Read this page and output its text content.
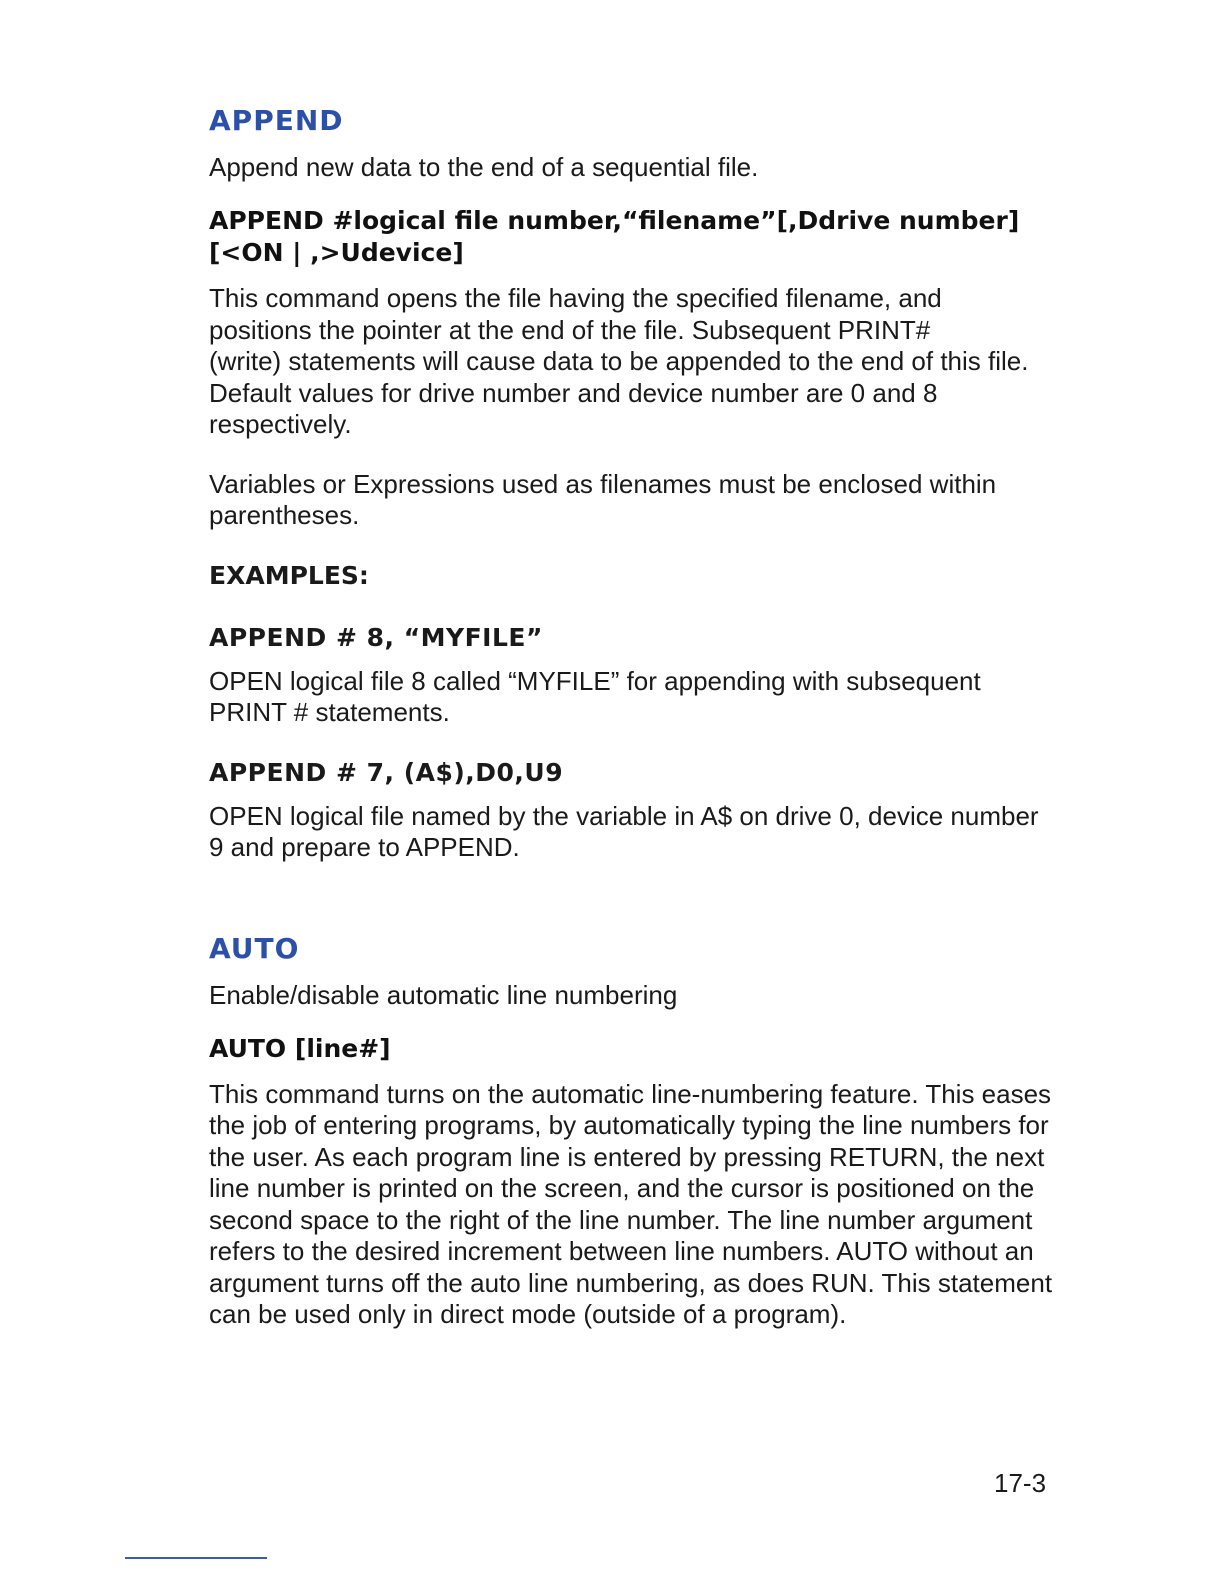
APPEND
Append new data to the end of a sequential file.
APPEND #logical file number,“filename”[,Ddrive number]
[<ON | ,>Udevice]
This command opens the file having the specified filename, and
positions the pointer at the end of the file. Subsequent PRINT#
(write) statements will cause data to be appended to the end of this file. Default values for drive number and device number are 0 and 8 respectively.
Variables or Expressions used as filenames must be enclosed within parentheses.
EXAMPLES:
APPEND # 8, “MYFILE”
OPEN logical file 8 called “MYFILE” for appending with subsequent PRINT # statements.
APPEND # 7, (A$),D0,U9
OPEN logical file named by the variable in A$ on drive 0, device number 9 and prepare to APPEND.
AUTO
Enable/disable automatic line numbering
AUTO [line#]
This command turns on the automatic line-numbering feature. This eases the job of entering programs, by automatically typing the line numbers for the user. As each program line is entered by pressing RETURN, the next line number is printed on the screen, and the cursor is positioned on the second space to the right of the line number. The line number argument refers to the desired increment between line numbers. AUTO without an argument turns off the auto line numbering, as does RUN. This statement can be used only in direct mode (outside of a program).
17-3
